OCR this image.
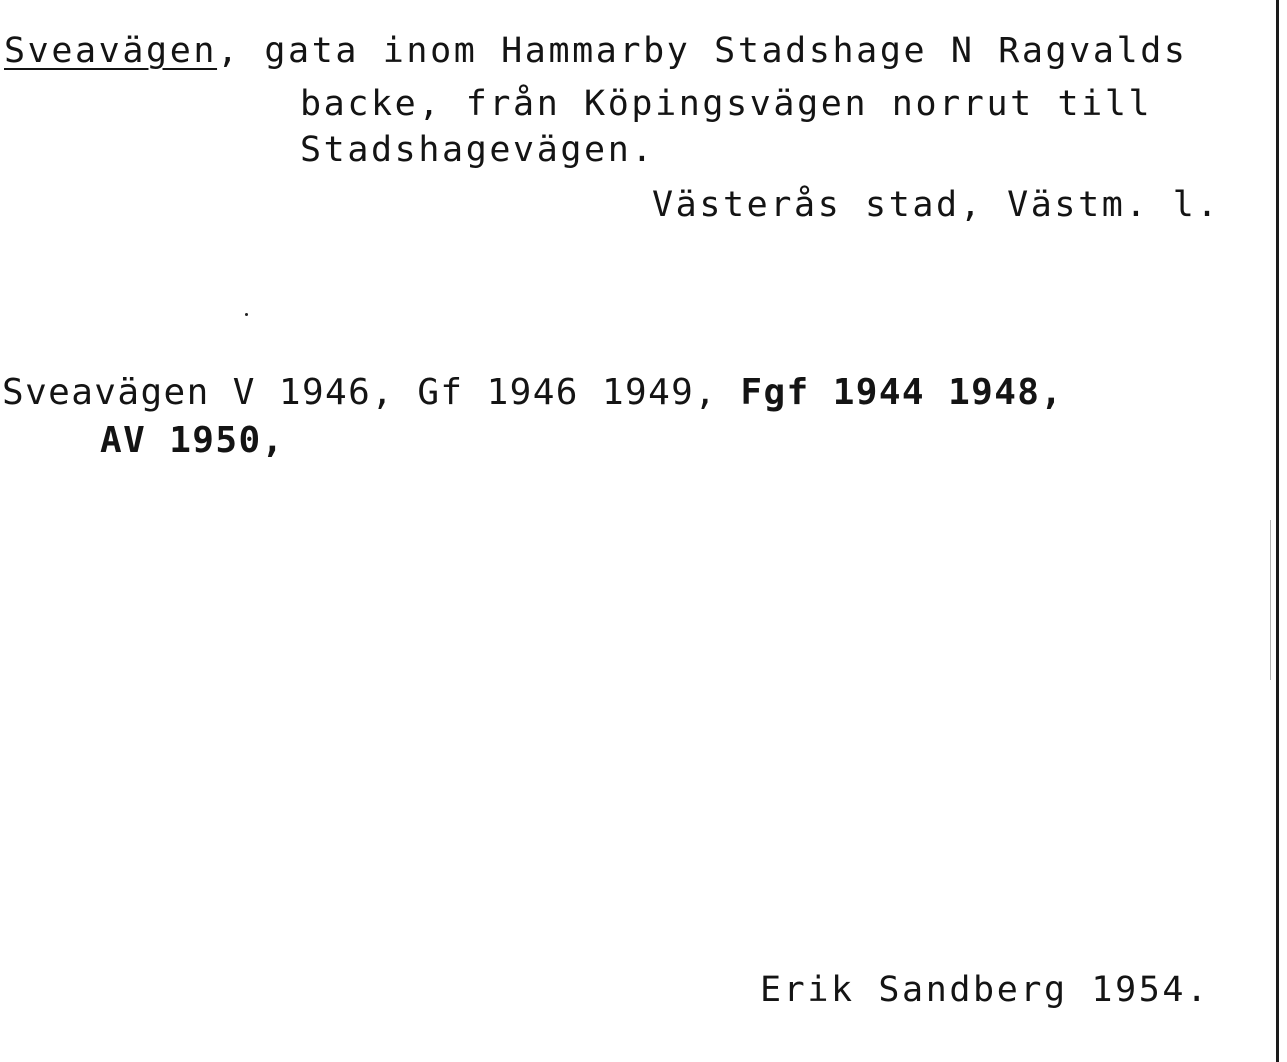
Sveavägen, gata inom Hammarby Stadshage N Ragvalds
backe, från Köpingsvägen norrut till
Stadshagevägen.
Västerås stad, Västm. l.
Sveavägen V 1946, Gf 1946 1949, Fgf 1944 1948,
AV 1950,
Erik Sandberg 1954.
